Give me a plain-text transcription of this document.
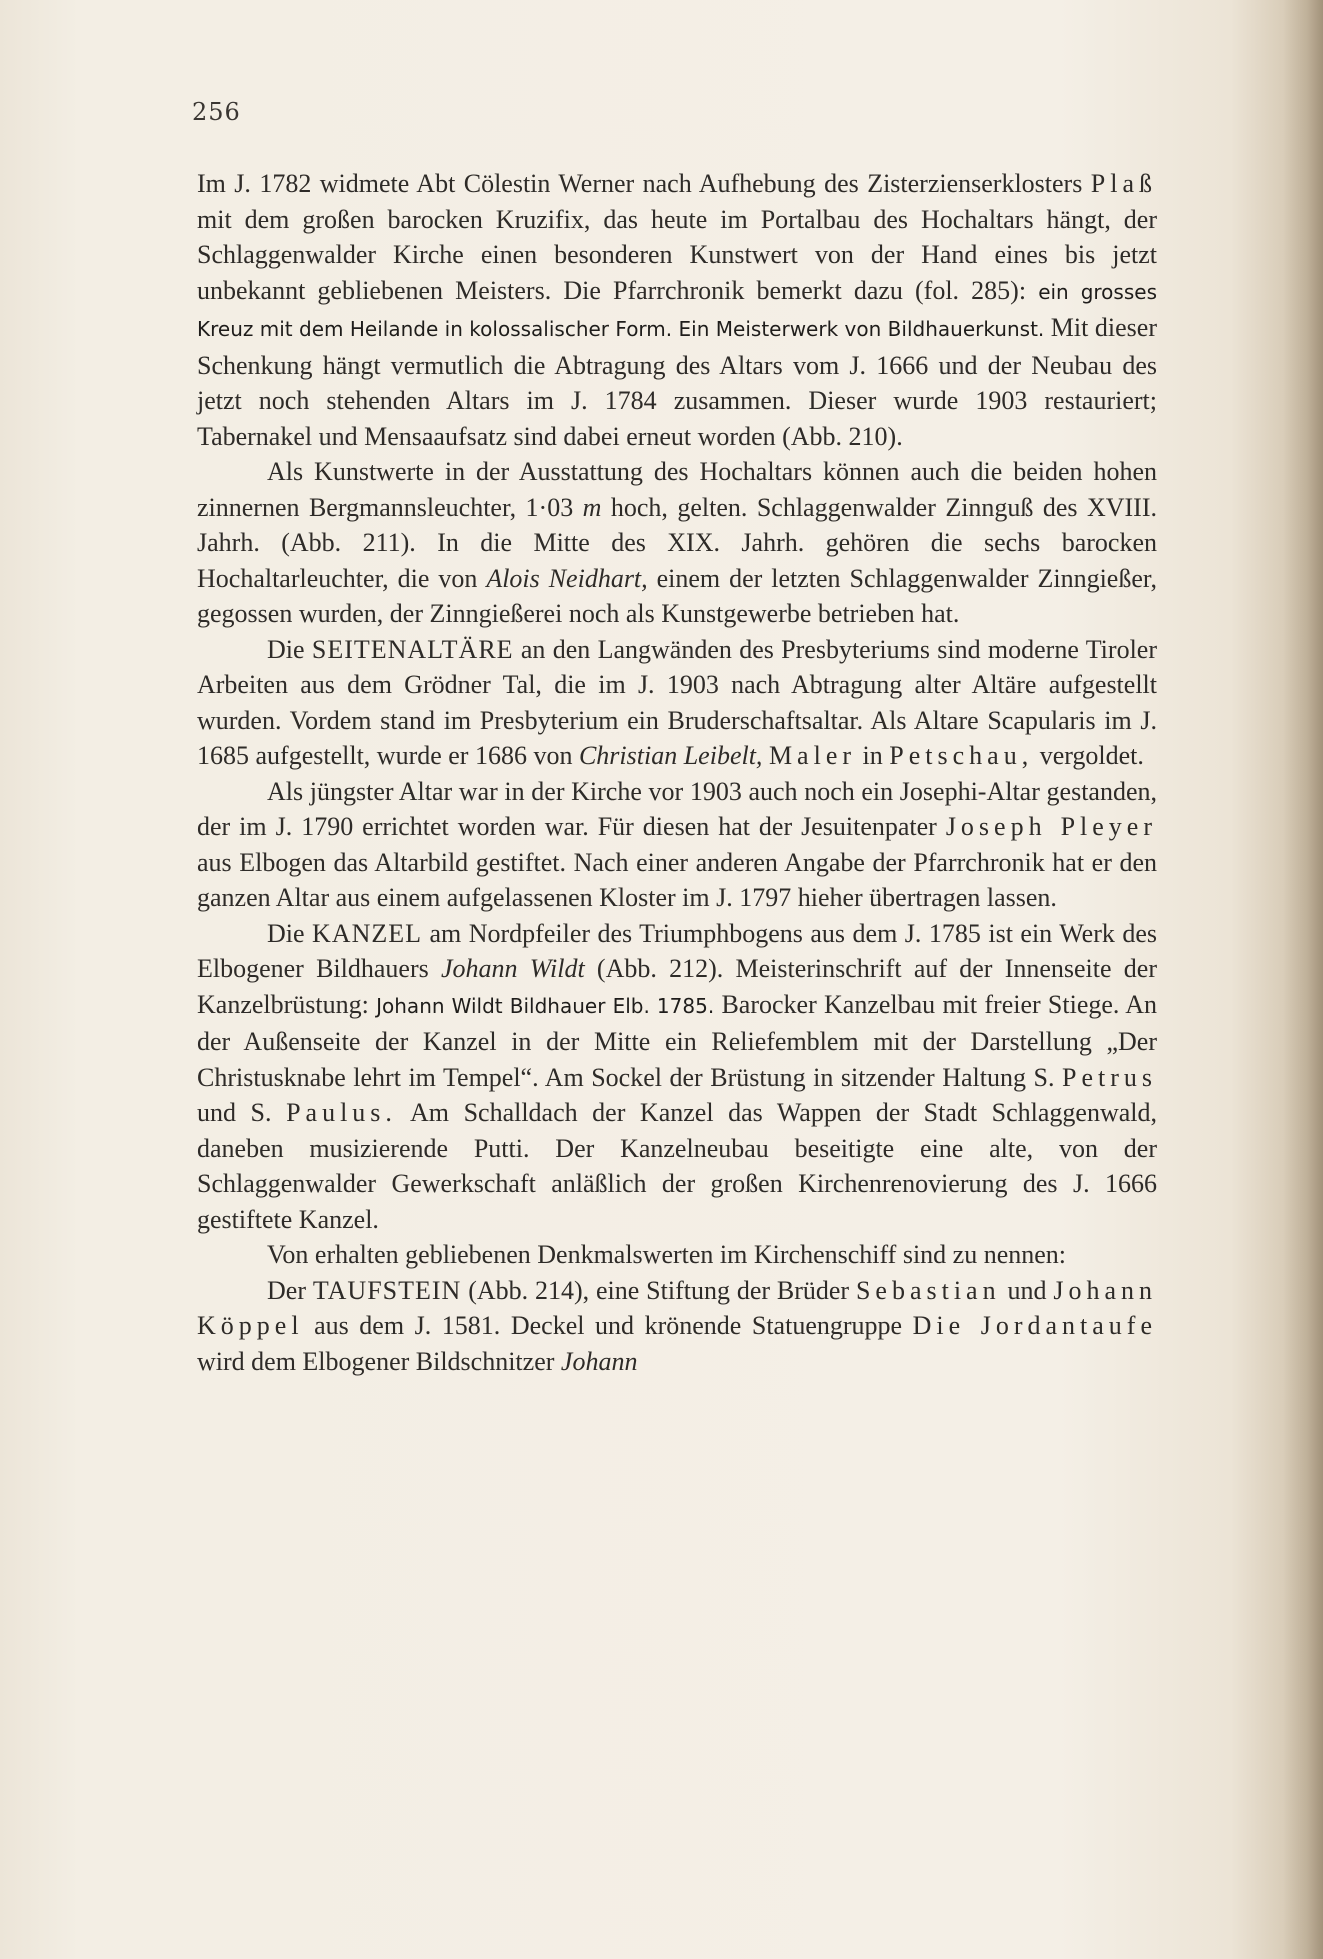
256

Im J. 1782 widmete Abt Cölestin Werner nach Aufhebung des Zisterzienserklosters Plaß mit dem großen barocken Kruzifix, das heute im Portalbau des Hochaltars hängt, der Schlaggenwalder Kirche einen besonderen Kunstwert von der Hand eines bis jetzt unbekannt gebliebenen Meisters. Die Pfarrchronik bemerkt dazu (fol. 285): ein grosses Kreuz mit dem Heilande in kolossalischer Form. Ein Meisterwerk von Bildhauerkunst. Mit dieser Schenkung hängt vermutlich die Abtragung des Altars vom J. 1666 und der Neubau des jetzt noch stehenden Altars im J. 1784 zusammen. Dieser wurde 1903 restauriert; Tabernakel und Mensaaufsatz sind dabei erneut worden (Abb. 210).

Als Kunstwerte in der Ausstattung des Hochaltars können auch die beiden hohen zinnernen Bergmannsleuchter, 1·03 m hoch, gelten. Schlaggenwalder Zinnguß des XVIII. Jahrh. (Abb. 211). In die Mitte des XIX. Jahrh. gehören die sechs barocken Hochaltarleuchter, die von Alois Neidhart, einem der letzten Schlaggenwalder Zinngießer, gegossen wurden, der Zinngießerei noch als Kunstgewerbe betrieben hat.

Die SEITENALTÄRE an den Langwänden des Presbyteriums sind moderne Tiroler Arbeiten aus dem Grödner Tal, die im J. 1903 nach Abtragung alter Altäre aufgestellt wurden. Vordem stand im Presbyterium ein Bruderschaftsaltar. Als Altare Scapularis im J. 1685 aufgestellt, wurde er 1686 von Christian Leibelt, Maler in Petschau, vergoldet.

Als jüngster Altar war in der Kirche vor 1903 auch noch ein Josephi-Altar gestanden, der im J. 1790 errichtet worden war. Für diesen hat der Jesuitenpater Joseph Pleyer aus Elbogen das Altarbild gestiftet. Nach einer anderen Angabe der Pfarrchronik hat er den ganzen Altar aus einem aufgelassenen Kloster im J. 1797 hieher übertragen lassen.

Die KANZEL am Nordpfeiler des Triumphbogens aus dem J. 1785 ist ein Werk des Elbogener Bildhauers Johann Wildt (Abb. 212). Meisterinschrift auf der Innenseite der Kanzelbrüstung: Johann Wildt Bildhauer Elb. 1785. Barocker Kanzelbau mit freier Stiege. An der Außenseite der Kanzel in der Mitte ein Reliefemblem mit der Darstellung „Der Christusknabe lehrt im Tempel“. Am Sockel der Brüstung in sitzender Haltung S. Petrus und S. Paulus. Am Schalldach der Kanzel das Wappen der Stadt Schlaggenwald, daneben musizierende Putti. Der Kanzelneubau beseitigte eine alte, von der Schlaggenwalder Gewerkschaft anläßlich der großen Kirchenrenovierung des J. 1666 gestiftete Kanzel.

Von erhalten gebliebenen Denkmalswerten im Kirchenschiff sind zu nennen:

Der TAUFSTEIN (Abb. 214), eine Stiftung der Brüder Sebastian und Johann Köppel aus dem J. 1581. Deckel und krönende Statuengruppe Die Jordantaufe wird dem Elbogener Bildschnitzer Johann
